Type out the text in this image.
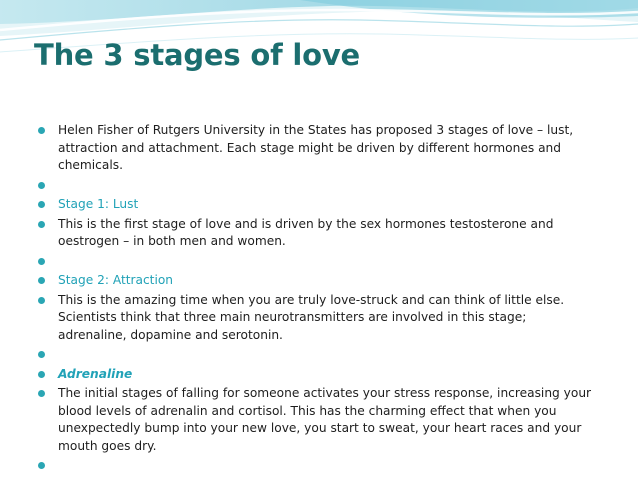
The 3 stages of love
Helen Fisher of Rutgers University in the States has proposed 3 stages of love – lust, attraction and attachment. Each stage might be driven by different hormones and chemicals.
Stage 1: Lust
This is the first stage of love and is driven by the sex hormones testosterone and oestrogen – in both men and women.
Stage 2: Attraction
This is the amazing time when you are truly love-struck and can think of little else. Scientists think that three main neurotransmitters are involved in this stage; adrenaline, dopamine and serotonin.
Adrenaline
The initial stages of falling for someone activates your stress response, increasing your blood levels of adrenalin and cortisol. This has the charming effect that when you unexpectedly bump into your new love, you start to sweat, your heart races and your mouth goes dry.
